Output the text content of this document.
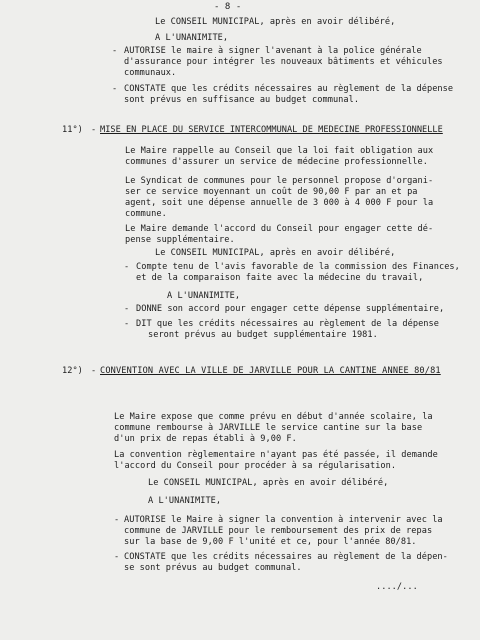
- 8 -
Le CONSEIL MUNICIPAL, après en avoir délibéré,
A L'UNANIMITE,
- AUTORISE le maire à signer l'avenant à la police générale
d'assurance pour intégrer les nouveaux bâtiments et véhicules
communaux.
- CONSTATE que les crédits nécessaires au règlement de la dépense
sont prévus en suffisance au budget communal.
11°) - MISE EN PLACE DU SERVICE INTERCOMMUNAL DE MEDECINE PROFESSIONNELLE
Le Maire rappelle au Conseil que la loi fait obligation aux
communes d'assurer un service de médecine professionnelle.
Le Syndicat de communes pour le personnel propose d'organi-
ser ce service moyennant un coût de 90,00 F par an et pa
agent, soit une dépense annuelle de 3 000 à 4 000 F pour la
commune.
Le Maire demande l'accord du Conseil pour engager cette dé-
pense supplémentaire.
Le CONSEIL MUNICIPAL, après en avoir délibéré,
- Compte tenu de l'avis favorable de la commission des Finances,
et de la comparaison faite avec la médecine du travail,
A L'UNANIMITE,
- DONNE son accord pour engager cette dépense supplémentaire,
- DIT que les crédits nécessaires au règlement de la dépense
seront prévus au budget supplémentaire 1981.
12°) - CONVENTION AVEC LA VILLE DE JARVILLE POUR LA CANTINE ANNEE 80/81
Le Maire expose que comme prévu en début d'année scolaire, la
commune rembourse à JARVILLE le service cantine sur la base
d'un prix de repas établi à 9,00 F.
La convention règlementaire n'ayant pas été passée, il demande
l'accord du Conseil pour procéder à sa régularisation.
Le CONSEIL MUNICIPAL, après en avoir délibéré,
A L'UNANIMITE,
- AUTORISE le Maire à signer la convention à intervenir avec la
commune de JARVILLE pour le remboursement des prix de repas
sur la base de 9,00 F l'unité et ce, pour l'année 80/81.
- CONSTATE que les crédits nécessaires au règlement de la dépen-
se sont prévus au budget communal.
..../...
